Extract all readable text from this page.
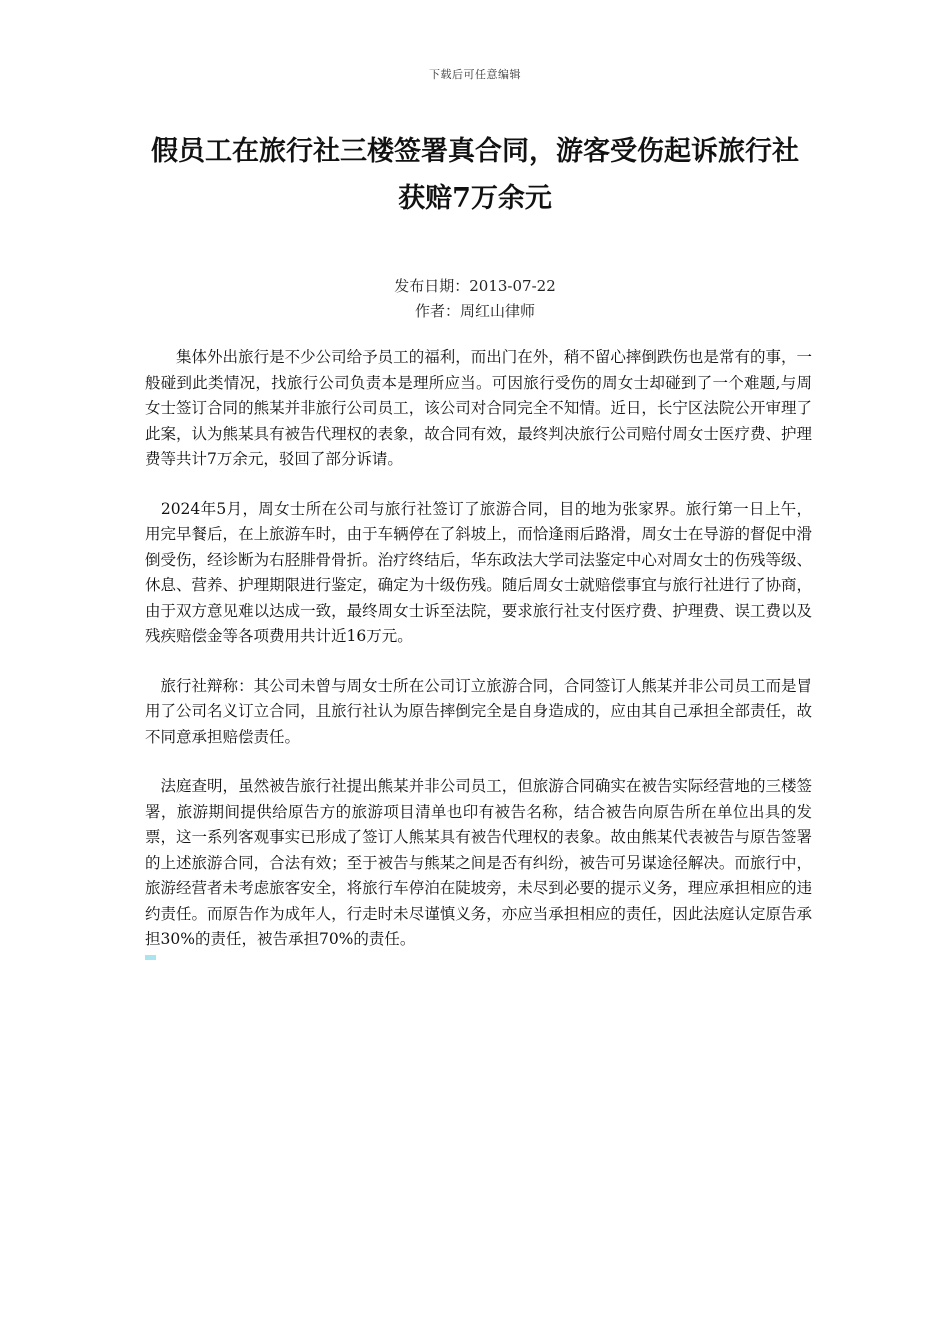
下载后可任意编辑
假员工在旅行社三楼签署真合同，游客受伤起诉旅行社获赔7万余元
发布日期：2013-07-22
作者：周红山律师

　　集体外出旅行是不少公司给予员工的福利，而出门在外，稍不留心摔倒跌伤也是常有的事，一般碰到此类情况，找旅行公司负责本是理所应当。可因旅行受伤的周女士却碰到了一个难题,与周女士签订合同的熊某并非旅行公司员工，该公司对合同完全不知情。近日，长宁区法院公开审理了此案，认为熊某具有被告代理权的表象，故合同有效，最终判决旅行公司赔付周女士医疗费、护理费等共计7万余元，驳回了部分诉请。

　2024年5月，周女士所在公司与旅行社签订了旅游合同，目的地为张家界。旅行第一日上午，用完早餐后，在上旅游车时，由于车辆停在了斜坡上，而恰逢雨后路滑，周女士在导游的督促中滑倒受伤，经诊断为右胫腓骨骨折。治疗终结后，华东政法大学司法鉴定中心对周女士的伤残等级、休息、营养、护理期限进行鉴定，确定为十级伤残。随后周女士就赔偿事宜与旅行社进行了协商，由于双方意见难以达成一致，最终周女士诉至法院，要求旅行社支付医疗费、护理费、误工费以及残疾赔偿金等各项费用共计近16万元。

　旅行社辩称：其公司未曾与周女士所在公司订立旅游合同，合同签订人熊某并非公司员工而是冒用了公司名义订立合同，且旅行社认为原告摔倒完全是自身造成的，应由其自己承担全部责任，故不同意承担赔偿责任。

　法庭查明，虽然被告旅行社提出熊某并非公司员工，但旅游合同确实在被告实际经营地的三楼签署，旅游期间提供给原告方的旅游项目清单也印有被告名称，结合被告向原告所在单位出具的发票，这一系列客观事实已形成了签订人熊某具有被告代理权的表象。故由熊某代表被告与原告签署的上述旅游合同，合法有效；至于被告与熊某之间是否有纠纷，被告可另谋途径解决。而旅行中，旅游经营者未考虑旅客安全，将旅行车停泊在陡坡旁，未尽到必要的提示义务，理应承担相应的违约责任。而原告作为成年人，行走时未尽谨慎义务，亦应当承担相应的责任，因此法庭认定原告承担30%的责任，被告承担70%的责任。
